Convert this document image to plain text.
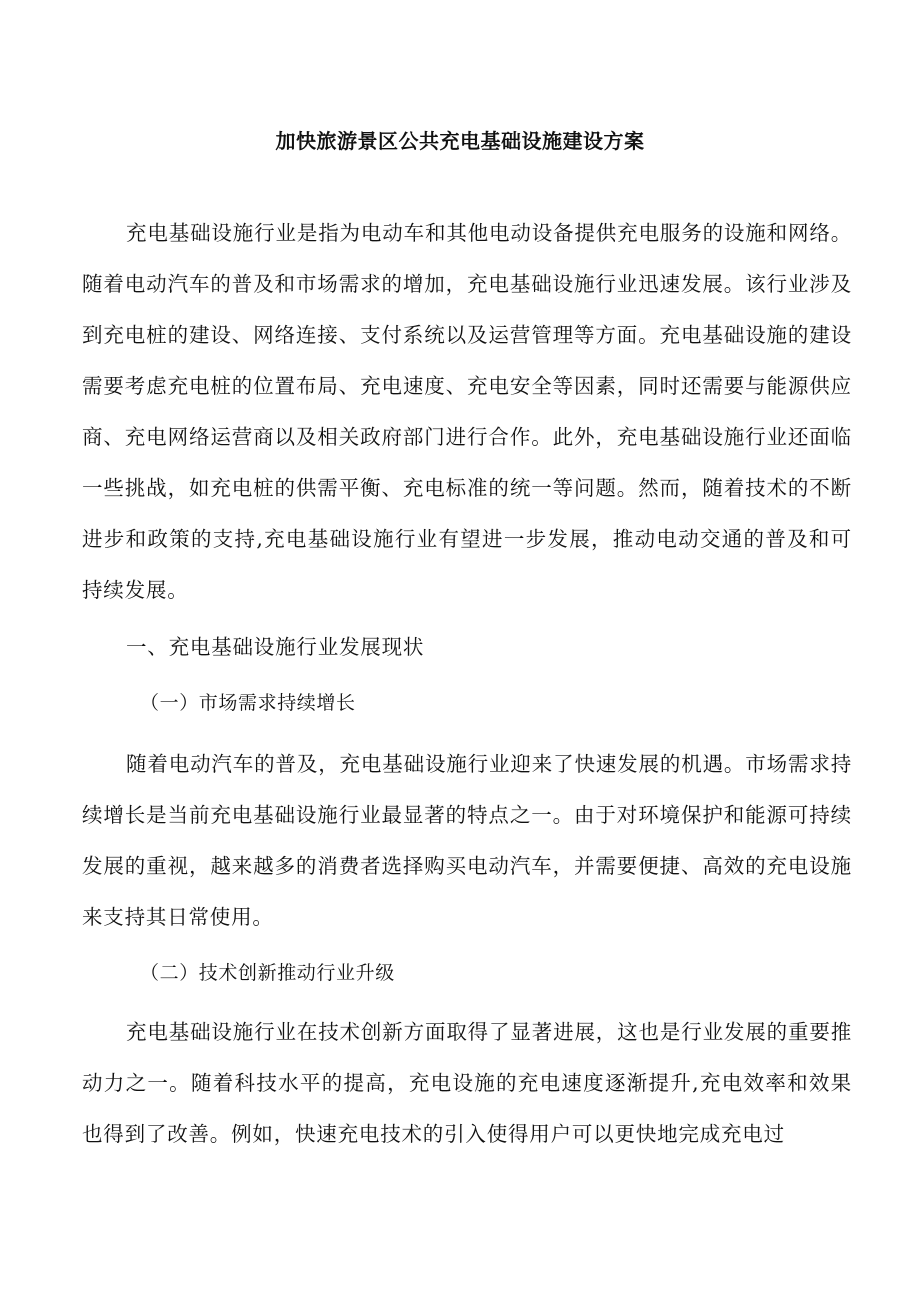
加快旅游景区公共充电基础设施建设方案

充电基础设施行业是指为电动车和其他电动设备提供充电服务的设施和网络。随着电动汽车的普及和市场需求的增加，充电基础设施行业迅速发展。该行业涉及到充电桩的建设、网络连接、支付系统以及运营管理等方面。充电基础设施的建设需要考虑充电桩的位置布局、充电速度、充电安全等因素，同时还需要与能源供应商、充电网络运营商以及相关政府部门进行合作。此外，充电基础设施行业还面临一些挑战，如充电桩的供需平衡、充电标准的统一等问题。然而，随着技术的不断进步和政策的支持,充电基础设施行业有望进一步发展，推动电动交通的普及和可持续发展。

一、充电基础设施行业发展现状

（一）市场需求持续增长

随着电动汽车的普及，充电基础设施行业迎来了快速发展的机遇。市场需求持续增长是当前充电基础设施行业最显著的特点之一。由于对环境保护和能源可持续发展的重视，越来越多的消费者选择购买电动汽车，并需要便捷、高效的充电设施来支持其日常使用。

（二）技术创新推动行业升级

充电基础设施行业在技术创新方面取得了显著进展，这也是行业发展的重要推动力之一。随着科技水平的提高，充电设施的充电速度逐渐提升,充电效率和效果也得到了改善。例如，快速充电技术的引入使得用户可以更快地完成充电过
